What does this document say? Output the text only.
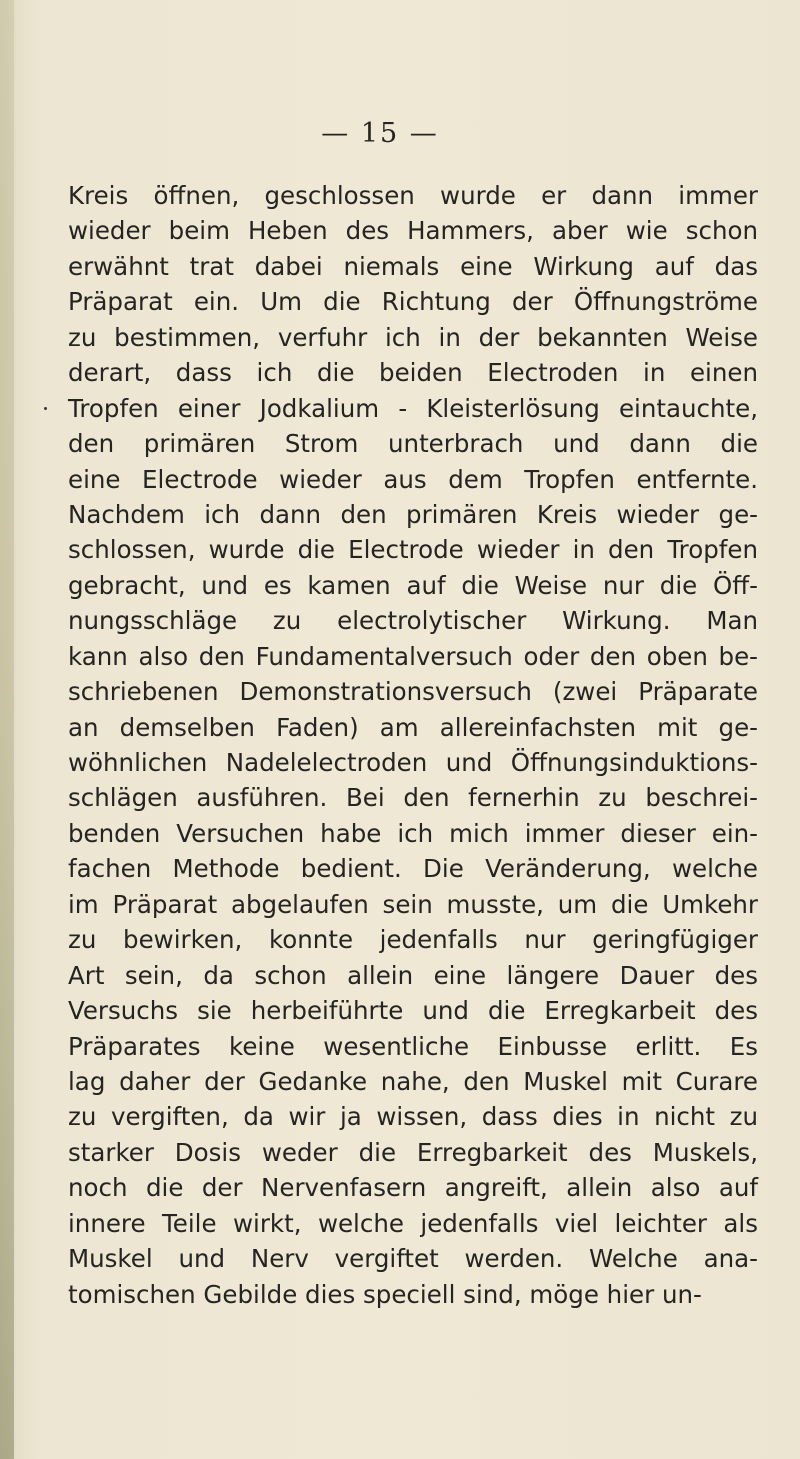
— 15 —
Kreis öffnen, geschlossen wurde er dann immer
wieder beim Heben des Hammers, aber wie schon
erwähnt trat dabei niemals eine Wirkung auf das
Präparat ein. Um die Richtung der Öffnungströme
zu bestimmen, verfuhr ich in der bekannten Weise
derart, dass ich die beiden Electroden in einen
Tropfen einer Jodkalium - Kleisterlösung eintauchte,
den primären Strom unterbrach und dann die
eine Electrode wieder aus dem Tropfen entfernte.
Nachdem ich dann den primären Kreis wieder ge-
schlossen, wurde die Electrode wieder in den Tropfen
gebracht, und es kamen auf die Weise nur die Öff-
nungsschläge zu electrolytischer Wirkung. Man
kann also den Fundamentalversuch oder den oben be-
schriebenen Demonstrationsversuch (zwei Präparate
an demselben Faden) am allereinfachsten mit ge-
wöhnlichen Nadelelectroden und Öffnungsinduktions-
schlägen ausführen. Bei den fernerhin zu beschrei-
benden Versuchen habe ich mich immer dieser ein-
fachen Methode bedient. Die Veränderung, welche
im Präparat abgelaufen sein musste, um die Umkehr
zu bewirken, konnte jedenfalls nur geringfügiger
Art sein, da schon allein eine längere Dauer des
Versuchs sie herbeiführte und die Erregkarbeit des
Präparates keine wesentliche Einbusse erlitt. Es
lag daher der Gedanke nahe, den Muskel mit Curare
zu vergiften, da wir ja wissen, dass dies in nicht zu
starker Dosis weder die Erregbarkeit des Muskels,
noch die der Nervenfasern angreift, allein also auf
innere Teile wirkt, welche jedenfalls viel leichter als
Muskel und Nerv vergiftet werden. Welche ana-
tomischen Gebilde dies speciell sind, möge hier un-
